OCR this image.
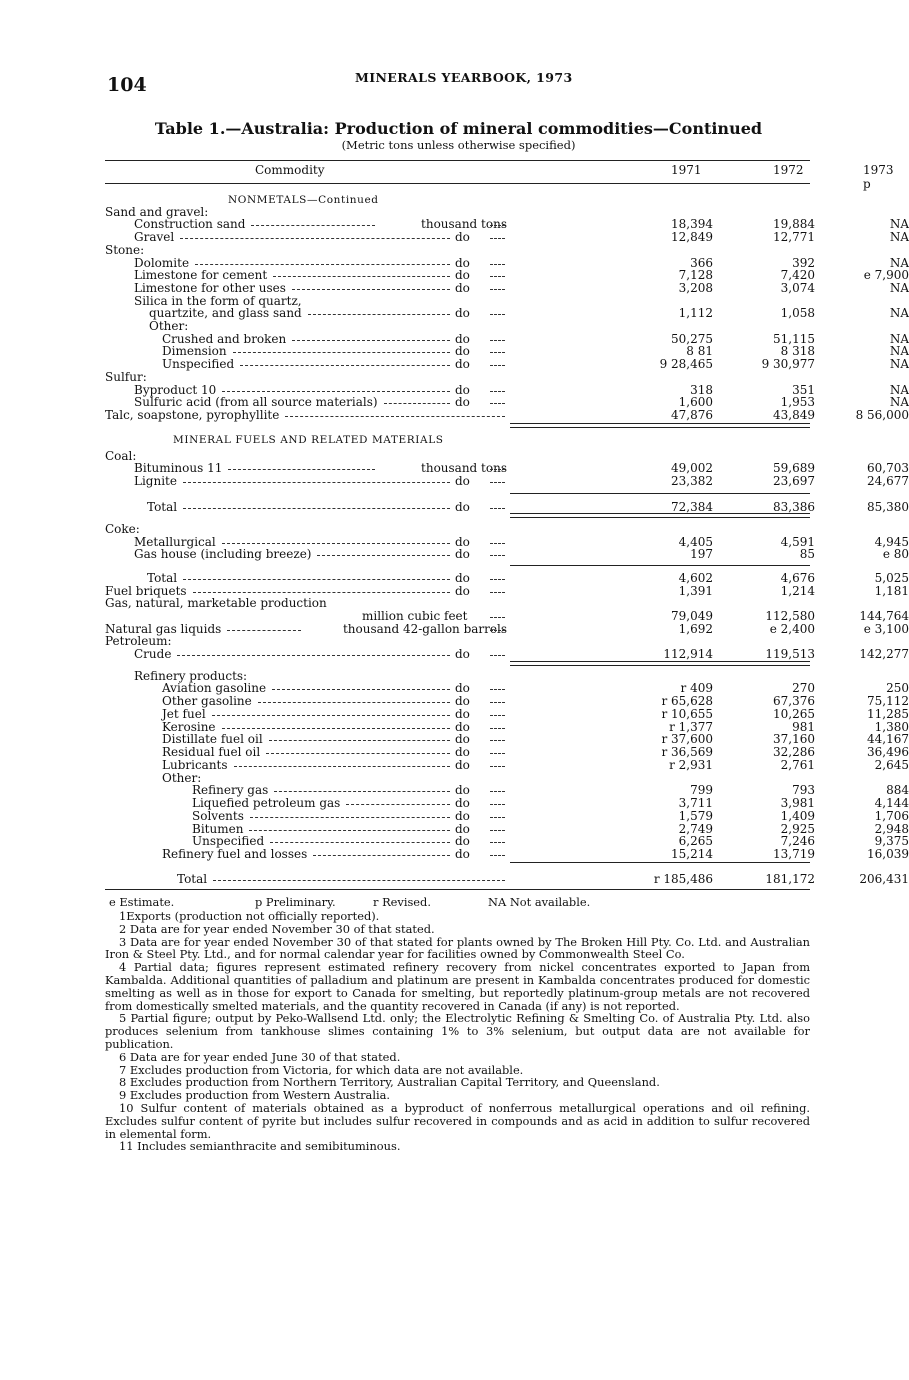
104	MINERALS YEARBOOK, 1973
Table 1.—Australia: Production of mineral commodities—Continued
(Metric tons unless otherwise specified)
Commodity	1971	1972	1973 p
NONMETALS—Continued
Sand and gravel:
Construction sand	thousand tons	18,394	19,884	NA
Gravel	do	12,849	12,771	NA
Stone:
Dolomite	do	366	392	NA
Limestone for cement	do	7,128	7,420	e 7,900
Limestone for other uses	do	3,208	3,074	NA
Silica in the form of quartz,
quartzite, and glass sand	do	1,112	1,058	NA
Other:
Crushed and broken	do	50,275	51,115	NA
Dimension	do	8 81	8 318	NA
Unspecified	do	9 28,465	9 30,977	NA
Sulfur:
Byproduct 10	do	318	351	NA
Sulfuric acid (from all source materials)	do	1,600	1,953	NA
Talc, soapstone, pyrophyllite	47,876	43,849	8 56,000
MINERAL FUELS AND RELATED MATERIALS
Coal:
Bituminous 11	thousand tons	49,002	59,689	60,703
Lignite	do	23,382	23,697	24,677
Total	do	72,384	83,386	85,380
Coke:
Metallurgical	do	4,405	4,591	4,945
Gas house (including breeze)	do	197	85	e 80
Total	do	4,602	4,676	5,025
Fuel briquets	do	1,391	1,214	1,181
Gas, natural, marketable production
million cubic feet	79,049	112,580	144,764
Natural gas liquids	thousand 42-gallon barrels	1,692	e 2,400	e 3,100
Petroleum:
Crude	do	112,914	119,513	142,277
Refinery products:
Aviation gasoline	do	r 409	270	250
Other gasoline	do	r 65,628	67,376	75,112
Jet fuel	do	r 10,655	10,265	11,285
Kerosine	do	r 1,377	981	1,380
Distillate fuel oil	do	r 37,600	37,160	44,167
Residual fuel oil	do	r 36,569	32,286	36,496
Lubricants	do	r 2,931	2,761	2,645
Other:
Refinery gas	do	799	793	884
Liquefied petroleum gas	do	3,711	3,981	4,144
Solvents	do	1,579	1,409	1,706
Bitumen	do	2,749	2,925	2,948
Unspecified	do	6,265	7,246	9,375
Refinery fuel and losses	do	15,214	13,719	16,039
Total	r 185,486	181,172	206,431
e Estimate.	p Preliminary.	r Revised.	NA Not available.
1Exports (production not officially reported).
2 Data are for year ended November 30 of that stated.
3 Data are for year ended November 30 of that stated for plants owned by The Broken Hill Pty. Co. Ltd. and Australian Iron & Steel Pty. Ltd., and for normal calendar year for facilities owned by Commonwealth Steel Co.
4 Partial data; figures represent estimated refinery recovery from nickel concentrates exported to Japan from Kambalda. Additional quantities of palladium and platinum are present in Kambalda concentrates produced for domestic smelting as well as in those for export to Canada for smelting, but reportedly platinum-group metals are not recovered from domestically smelted materials, and the quantity recovered in Canada (if any) is not reported.
5 Partial figure; output by Peko-Wallsend Ltd. only; the Electrolytic Refining & Smelting Co. of Australia Pty. Ltd. also produces selenium from tankhouse slimes containing 1% to 3% selenium, but output data are not available for publication.
6 Data are for year ended June 30 of that stated.
7 Excludes production from Victoria, for which data are not available.
8 Excludes production from Northern Territory, Australian Capital Territory, and Queensland.
9 Excludes production from Western Australia.
10 Sulfur content of materials obtained as a byproduct of nonferrous metallurgical operations and oil refining. Excludes sulfur content of pyrite but includes sulfur recovered in compounds and as acid in addition to sulfur recovered in elemental form.
11 Includes semianthracite and semibituminous.
